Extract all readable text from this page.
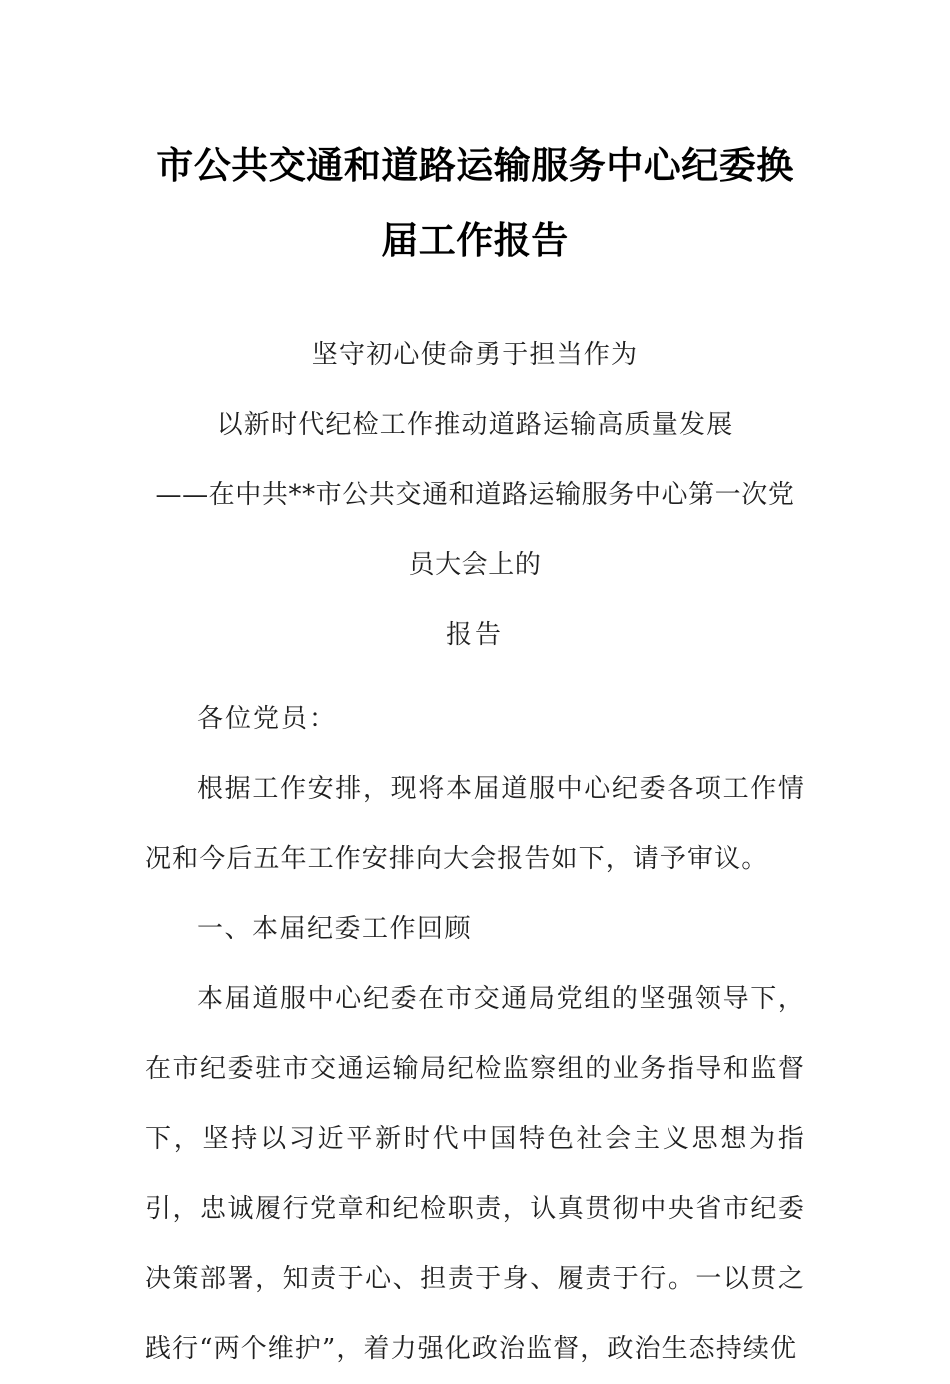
市公共交通和道路运输服务中心纪委换届工作报告
坚守初心使命勇于担当作为
以新时代纪检工作推动道路运输高质量发展
——在中共**市公共交通和道路运输服务中心第一次党员大会上的
报告

各位党员：

根据工作安排，现将本届道服中心纪委各项工作情况和今后五年工作安排向大会报告如下，请予审议。

一、本届纪委工作回顾

本届道服中心纪委在市交通局党组的坚强领导下，在市纪委驻市交通运输局纪检监察组的业务指导和监督下，坚持以习近平新时代中国特色社会主义思想为指引，忠诚履行党章和纪检职责，认真贯彻中央省市纪委决策部署，知责于心、担责于身、履责于行。一以贯之践行“两个维护”，着力强化政治监督，政治生态持续优
